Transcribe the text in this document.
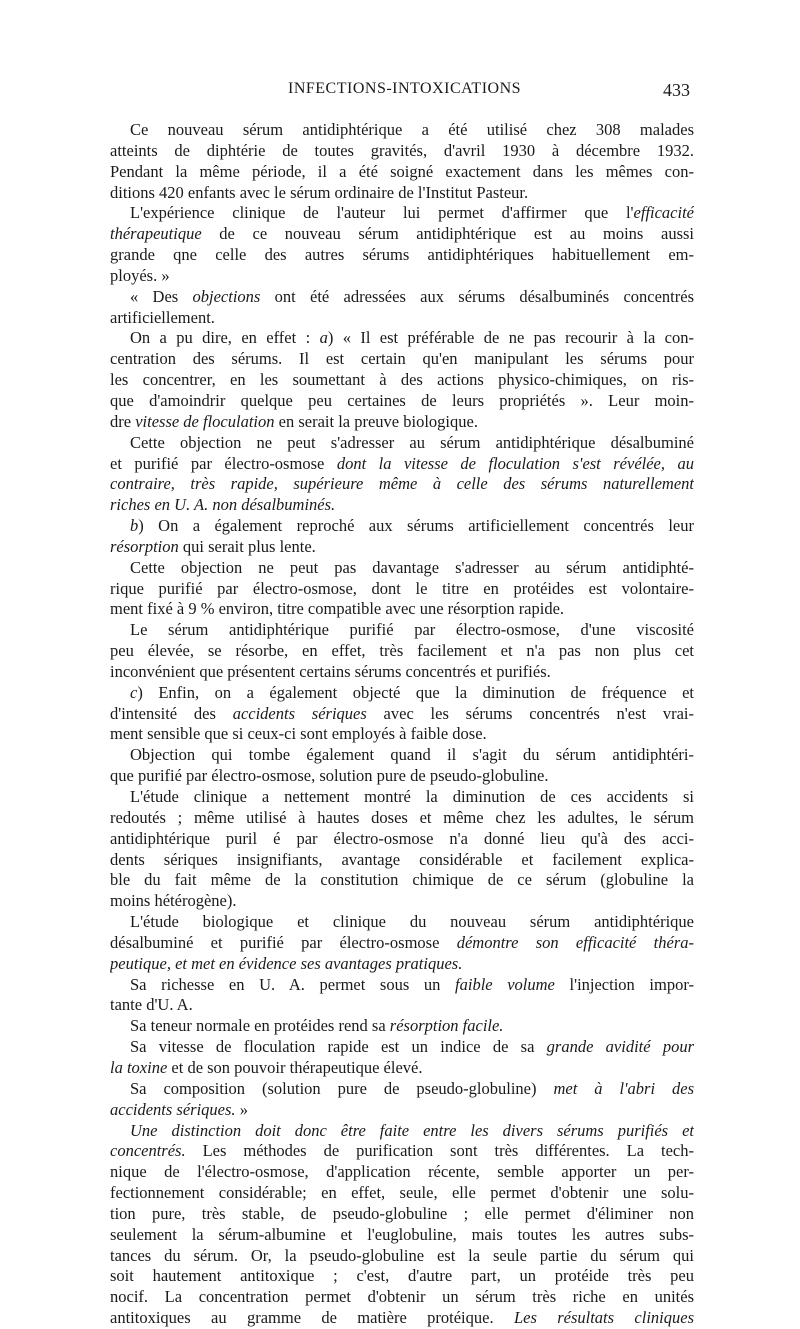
INFECTIONS-INTOXICATIONS	433
Ce nouveau sérum antidiphtérique a été utilisé chez 308 malades
atteints de diphtérie de toutes gravités, d'avril 1930 à décembre 1932.
Pendant la même période, il a été soigné exactement dans les mêmes con-
ditions 420 enfants avec le sérum ordinaire de l'Institut Pasteur.
L'expérience clinique de l'auteur lui permet d'affirmer que l'efficacité
thérapeutique de ce nouveau sérum antidiphtérique est au moins aussi
grande qne celle des autres sérums antidiphtériques habituellement em-
ployés. »
« Des objections ont été adressées aux sérums désalbuminés concentrés
artificiellement.
On a pu dire, en effet : a) « Il est préférable de ne pas recourir à la con-
centration des sérums. Il est certain qu'en manipulant les sérums pour
les concentrer, en les soumettant à des actions physico-chimiques, on ris-
que d'amoindrir quelque peu certaines de leurs propriétés ». Leur moin-
dre vitesse de floculation en serait la preuve biologique.
Cette objection ne peut s'adresser au sérum antidiphtérique désalbuminé
et purifié par électro-osmose dont la vitesse de floculation s'est révélée, au
contraire, très rapide, supérieure même à celle des sérums naturellement
riches en U. A. non désalbuminés.
b) On a également reproché aux sérums artificiellement concentrés leur
résorption qui serait plus lente.
Cette objection ne peut pas davantage s'adresser au sérum antidiphté-
rique purifié par électro-osmose, dont le titre en protéides est volontaire-
ment fixé à 9 % environ, titre compatible avec une résorption rapide.
Le sérum antidiphtérique purifié par électro-osmose, d'une viscosité
peu élevée, se résorbe, en effet, très facilement et n'a pas non plus cet
inconvénient que présentent certains sérums concentrés et purifiés.
c) Enfin, on a également objecté que la diminution de fréquence et
d'intensité des accidents sériques avec les sérums concentrés n'est vrai-
ment sensible que si ceux-ci sont employés à faible dose.
Objection qui tombe également quand il s'agit du sérum antidiphtéri-
que purifié par électro-osmose, solution pure de pseudo-globuline.
L'étude clinique a nettement montré la diminution de ces accidents si
redoutés ; même utilisé à hautes doses et même chez les adultes, le sérum
antidiphtérique puril é par électro-osmose n'a donné lieu qu'à des acci-
dents sériques insignifiants, avantage considérable et facilement explica-
ble du fait même de la constitution chimique de ce sérum (globuline la
moins hétérogène).
L'étude biologique et clinique du nouveau sérum antidiphtérique
désalbuminé et purifié par électro-osmose démontre son efficacité théra-
peutique, et met en évidence ses avantages pratiques.
Sa richesse en U. A. permet sous un faible volume l'injection impor-
tante d'U. A.
Sa teneur normale en protéides rend sa résorption facile.
Sa vitesse de floculation rapide est un indice de sa grande avidité pour
la toxine et de son pouvoir thérapeutique élevé.
Sa composition (solution pure de pseudo-globuline) met à l'abri des
accidents sériques. »
Une distinction doit donc être faite entre les divers sérums purifiés et
concentrés. Les méthodes de purification sont très différentes. La tech-
nique de l'électro-osmose, d'application récente, semble apporter un per-
fectionnement considérable; en effet, seule, elle permet d'obtenir une solu-
tion pure, très stable, de pseudo-globuline ; elle permet d'éliminer non
seulement la sérum-albumine et l'euglobuline, mais toutes les autres subs-
tances du sérum. Or, la pseudo-globuline est la seule partie du sérum qui
soit hautement antitoxique ; c'est, d'autre part, un protéide très peu
nocif. La concentration permet d'obtenir un sérum très riche en unités
antitoxiques au gramme de matière protéique. Les résultats cliniques
